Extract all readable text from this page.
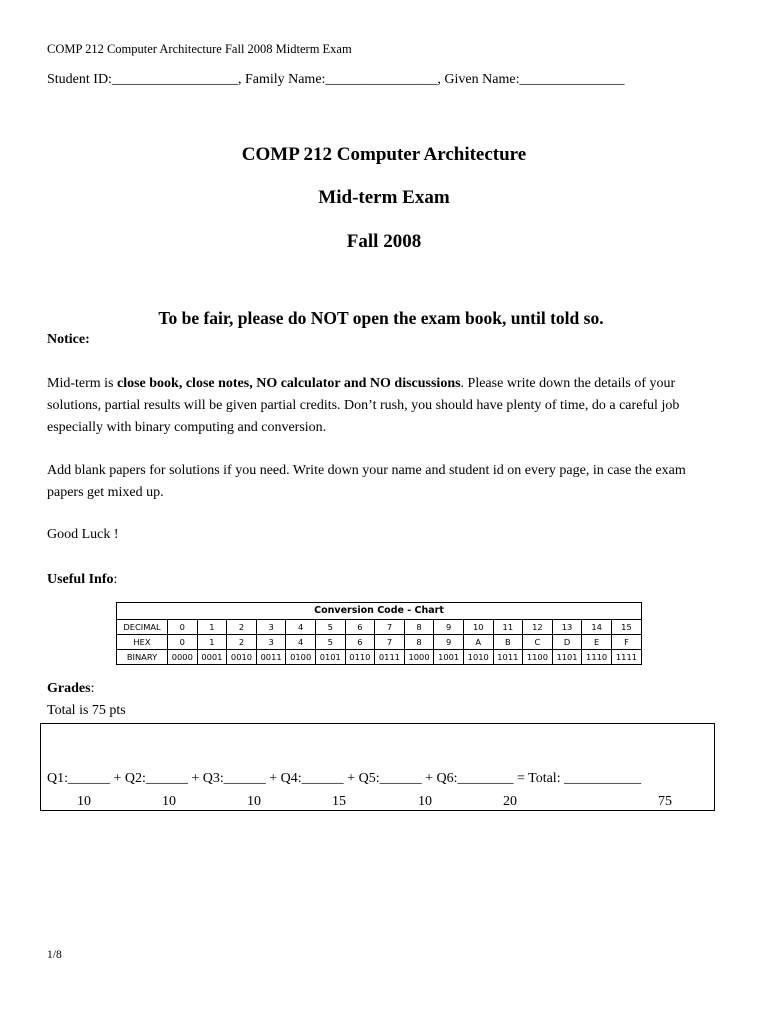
COMP 212 Computer Architecture Fall 2008 Midterm Exam
Student ID:__________________, Family Name:________________, Given Name:_______________
COMP 212 Computer Architecture
Mid-term Exam
Fall 2008
To be fair, please do NOT open the exam book, until told so.
Notice:
Mid-term is close book, close notes, NO calculator and NO discussions. Please write down the details of your solutions, partial results will be given partial credits. Don’t rush, you should have plenty of time, do a careful job especially with binary computing and conversion.
Add blank papers for solutions if you need. Write down your name and student id on every page, in case the exam papers get mixed up.
Good Luck !
Useful Info:
Conversion Code - Chart
DECIMAL	0	1	2	3	4	5	6	7	8	9	10	11	12	13	14	15
HEX	0	1	2	3	4	5	6	7	8	9	A	B	C	D	E	F
BINARY	0000	0001	0010	0011	0100	0101	0110	0111	1000	1001	1010	1011	1100	1101	1110	1111
Grades:
Total is 75 pts
Q1:______ + Q2:______ + Q3:______ + Q4:______ + Q5:______ + Q6:________ = Total: ___________
10	10	10	15	10	20	75
1/8
